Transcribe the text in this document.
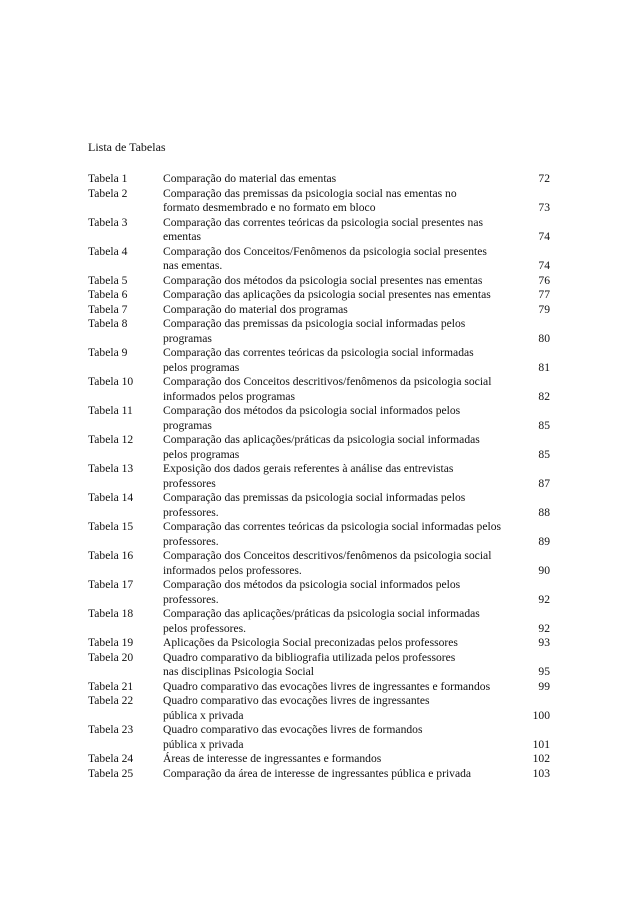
Lista de Tabelas
Tabela 1	Comparação do material das ementas	72
Tabela 2	Comparação das premissas da psicologia social nas ementas no
formato desmembrado e no formato em bloco	73
Tabela 3	Comparação das correntes teóricas da psicologia social presentes nas
ementas	74
Tabela 4	Comparação dos Conceitos/Fenômenos da psicologia social presentes
nas ementas.	74
Tabela 5	Comparação dos métodos da psicologia social presentes nas ementas	76
Tabela 6	Comparação das aplicações da psicologia social presentes nas ementas	77
Tabela 7	Comparação do material dos programas	79
Tabela 8	Comparação das premissas da psicologia social informadas pelos
programas	80
Tabela 9	Comparação das correntes teóricas da psicologia social informadas
pelos programas	81
Tabela 10	Comparação dos Conceitos descritivos/fenômenos da psicologia social
informados pelos programas	82
Tabela 11	Comparação dos métodos da psicologia social informados pelos
programas	85
Tabela 12	Comparação das aplicações/práticas da psicologia social informadas
pelos programas	85
Tabela 13	Exposição dos dados gerais referentes à análise das entrevistas
professores	87
Tabela 14	Comparação das premissas da psicologia social informadas pelos
professores.	88
Tabela 15	Comparação das correntes teóricas da psicologia social informadas pelos
professores.	89
Tabela 16	Comparação dos Conceitos descritivos/fenômenos da psicologia social
informados pelos professores.	90
Tabela 17	Comparação dos métodos da psicologia social informados pelos
professores.	92
Tabela 18	Comparação das aplicações/práticas da psicologia social informadas
pelos professores.	92
Tabela 19	Aplicações da Psicologia Social preconizadas pelos professores	93
Tabela 20	Quadro comparativo da bibliografia utilizada pelos professores
nas disciplinas Psicologia Social	95
Tabela 21	Quadro comparativo das evocações livres de ingressantes e formandos	99
Tabela 22	Quadro comparativo das evocações livres de ingressantes
pública x privada	100
Tabela 23	Quadro comparativo das evocações livres de formandos
pública x privada	101
Tabela 24	Áreas de interesse de ingressantes e formandos	102
Tabela 25	Comparação da área de interesse de ingressantes pública e privada	103
